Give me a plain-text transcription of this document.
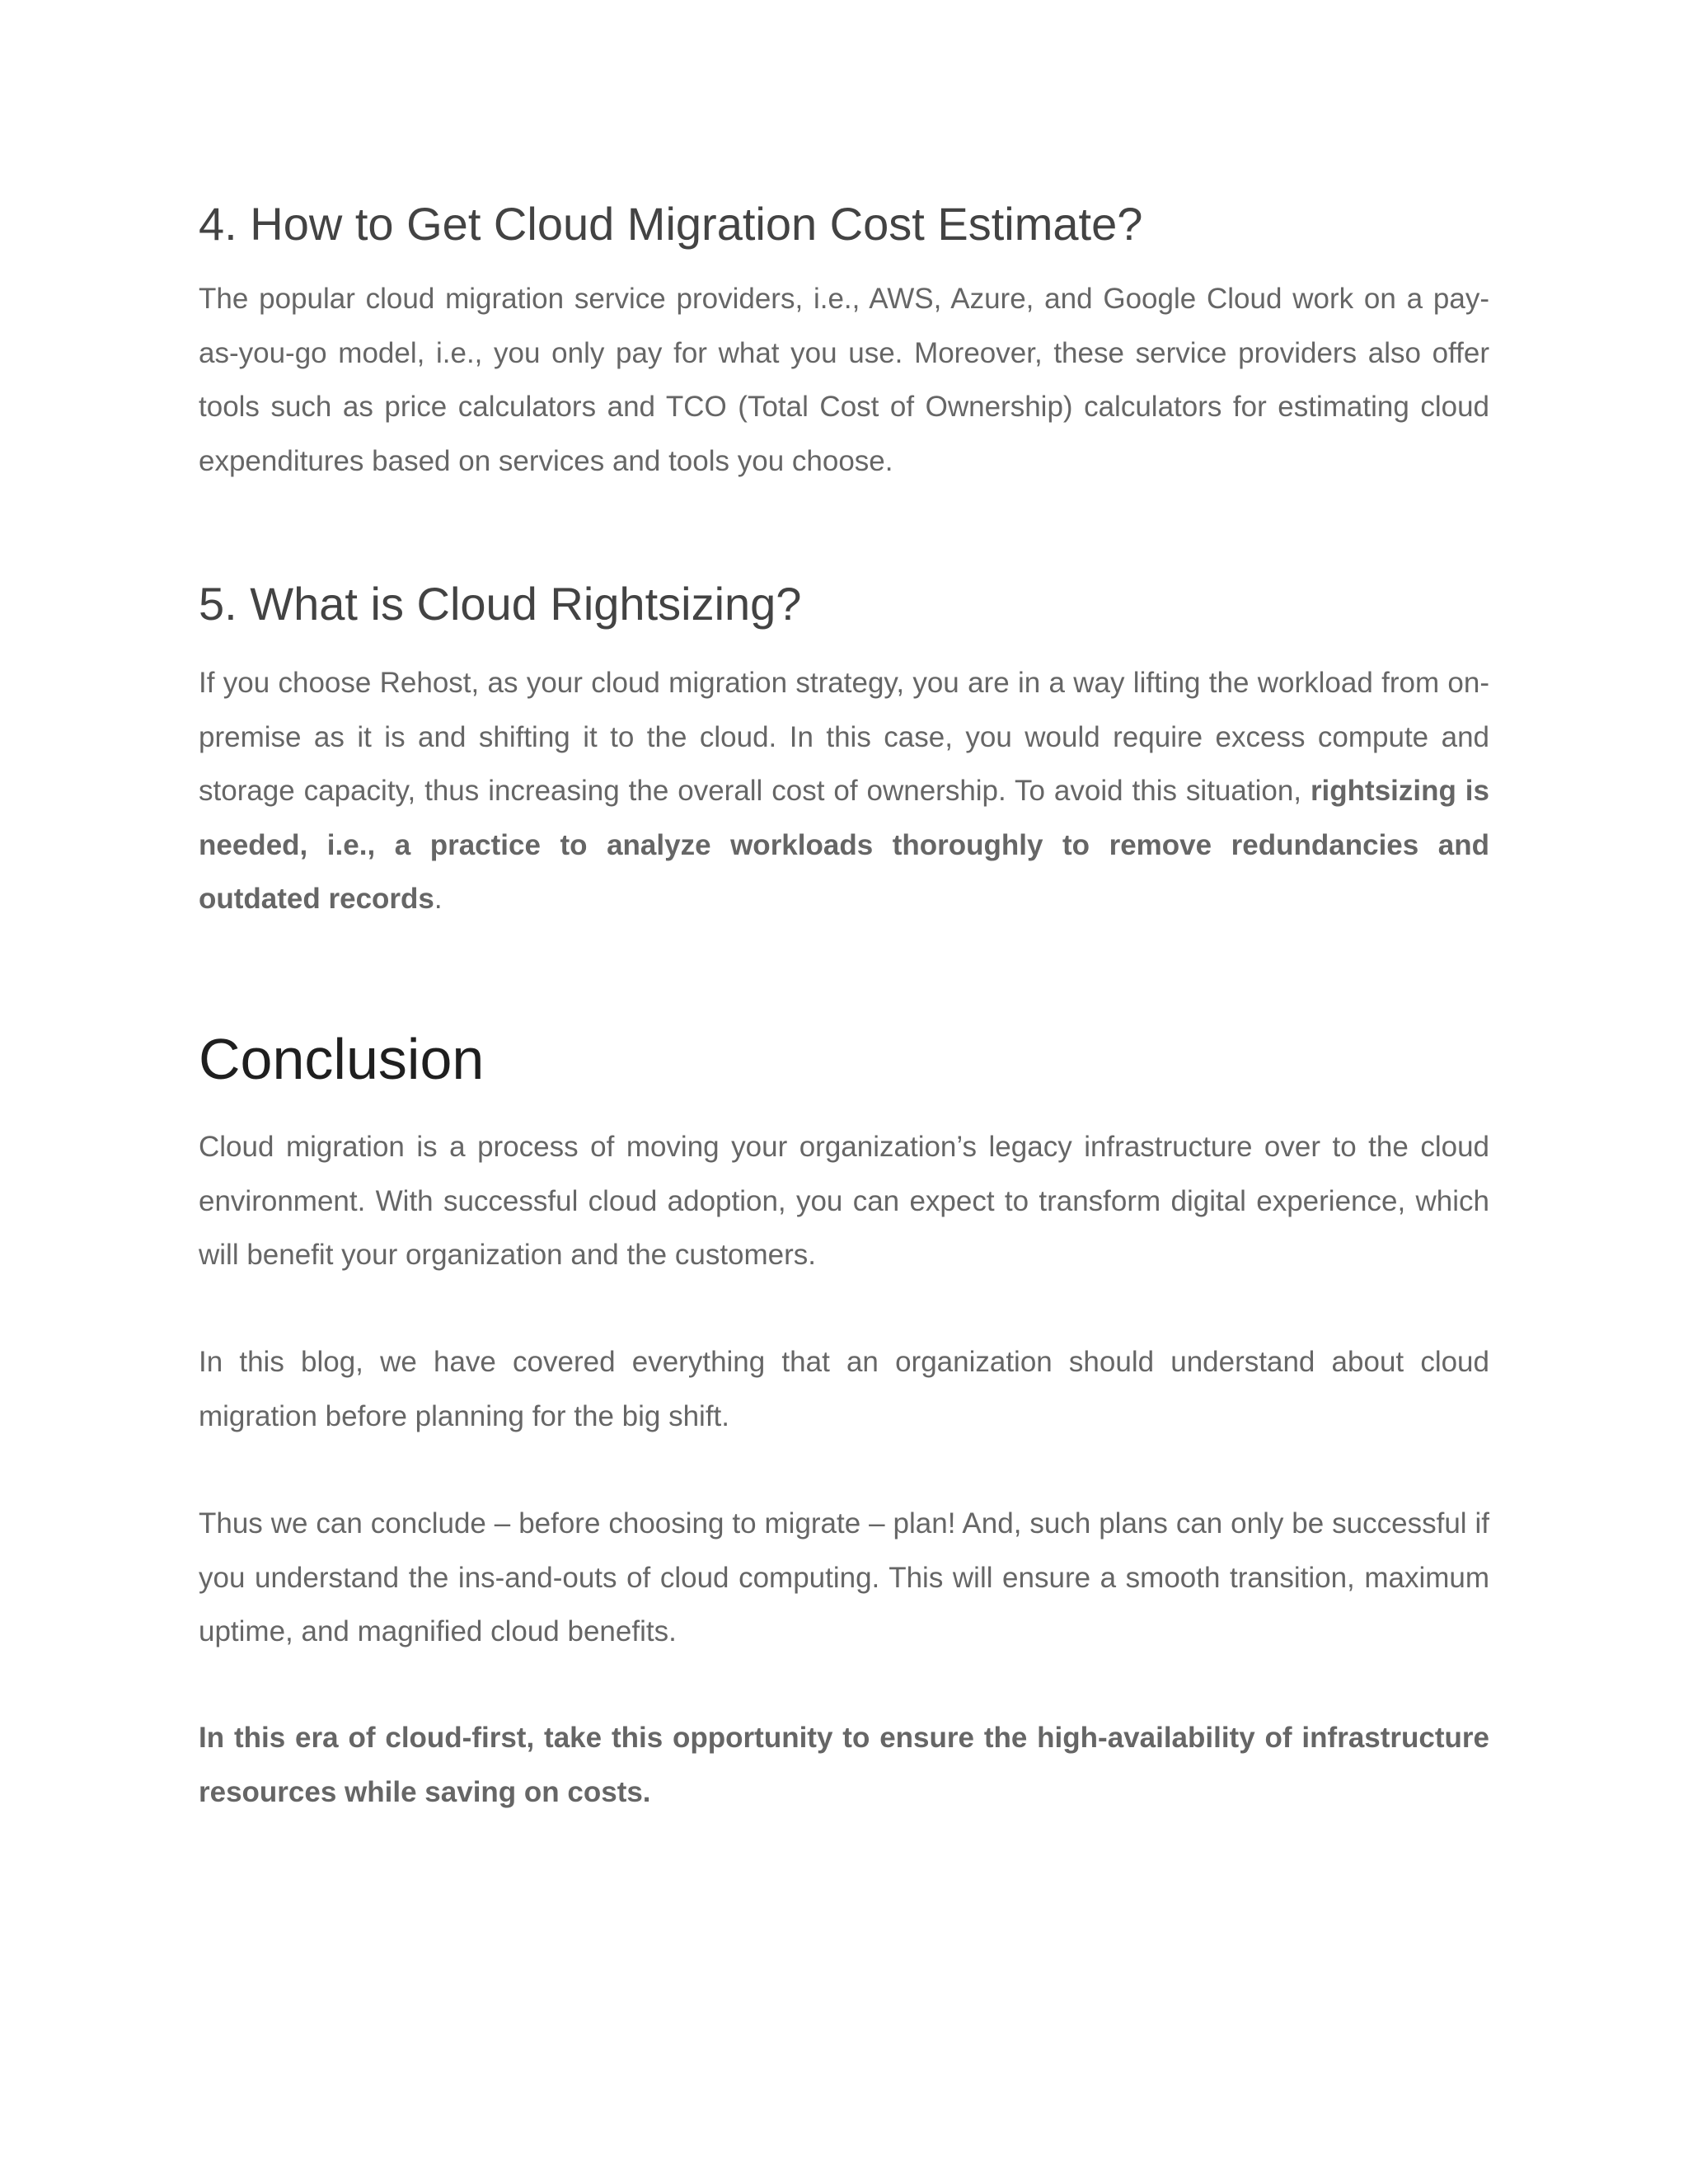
4. How to Get Cloud Migration Cost Estimate?

The popular cloud migration service providers, i.e., AWS, Azure, and Google Cloud work on a pay-as-you-go model, i.e., you only pay for what you use. Moreover, these service providers also offer tools such as price calculators and TCO (Total Cost of Ownership) calculators for estimating cloud expenditures based on services and tools you choose.

5. What is Cloud Rightsizing?

If you choose Rehost, as your cloud migration strategy, you are in a way lifting the workload from on-premise as it is and shifting it to the cloud. In this case, you would require excess compute and storage capacity, thus increasing the overall cost of ownership. To avoid this situation, rightsizing is needed, i.e., a practice to analyze workloads thoroughly to remove redundancies and outdated records.

Conclusion

Cloud migration is a process of moving your organization’s legacy infrastructure over to the cloud environment. With successful cloud adoption, you can expect to transform digital experience, which will benefit your organization and the customers.

In this blog, we have covered everything that an organization should understand about cloud migration before planning for the big shift.

Thus we can conclude – before choosing to migrate – plan! And, such plans can only be successful if you understand the ins-and-outs of cloud computing. This will ensure a smooth transition, maximum uptime, and magnified cloud benefits.

In this era of cloud-first, take this opportunity to ensure the high-availability of infrastructure resources while saving on costs.
